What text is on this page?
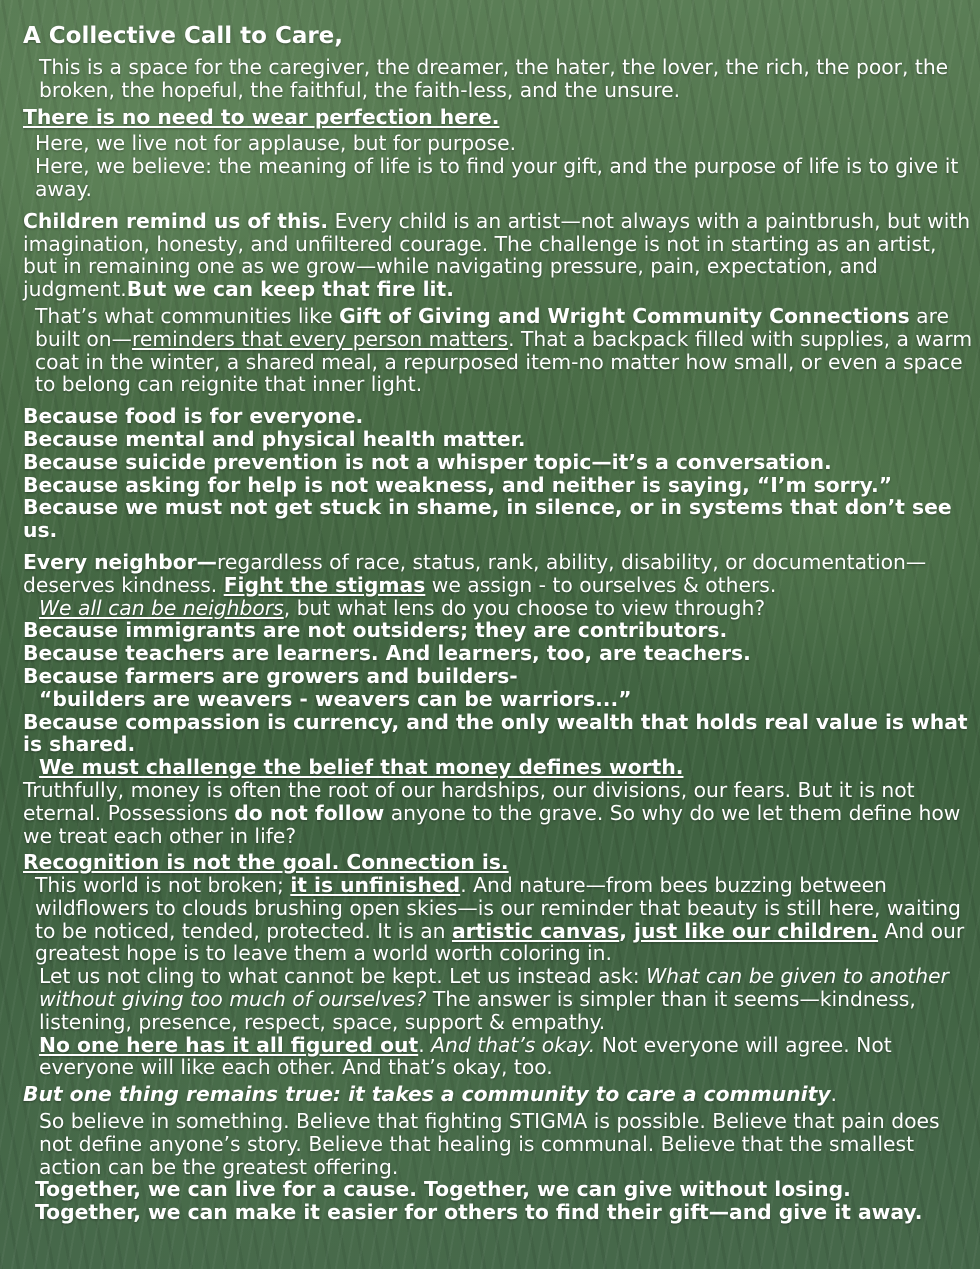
A Collective Call to Care,

This is a space for the caregiver, the dreamer, the hater, the lover, the rich, the poor, the broken, the hopeful, the faithful, the faith-less, and the unsure.

There is no need to wear perfection here.

Here, we live not for applause, but for purpose.

Here, we believe: the meaning of life is to find your gift, and the purpose of life is to give it away.

Children remind us of this. Every child is an artist—not always with a paintbrush, but with imagination, honesty, and unfiltered courage. The challenge is not in starting as an artist, but in remaining one as we grow—while navigating pressure, pain, expectation, and judgment.But we can keep that fire lit.

That’s what communities like Gift of Giving and Wright Community Connections are built on—reminders that every person matters. That a backpack filled with supplies, a warm coat in the winter, a shared meal, a repurposed item-no matter how small, or even a space to belong can reignite that inner light.

Because food is for everyone.

Because mental and physical health matter.

Because suicide prevention is not a whisper topic—it’s a conversation.

Because asking for help is not weakness, and neither is saying, “I’m sorry.”

Because we must not get stuck in shame, in silence, or in systems that don’t see us.

Every neighbor—regardless of race, status, rank, ability, disability, or documentation—deserves kindness. Fight the stigmas we assign - to ourselves & others.

We all can be neighbors, but what lens do you choose to view through?

Because immigrants are not outsiders; they are contributors.

Because teachers are learners. And learners, too, are teachers.

Because farmers are growers and builders-

“builders are weavers - weavers can be warriors...”

Because compassion is currency, and the only wealth that holds real value is what is shared.

We must challenge the belief that money defines worth.

Truthfully, money is often the root of our hardships, our divisions, our fears. But it is not eternal. Possessions do not follow anyone to the grave. So why do we let them define how we treat each other in life?

Recognition is not the goal. Connection is.

This world is not broken; it is unfinished. And nature—from bees buzzing between wildflowers to clouds brushing open skies—is our reminder that beauty is still here, waiting to be noticed, tended, protected. It is an artistic canvas, just like our children. And our greatest hope is to leave them a world worth coloring in.

Let us not cling to what cannot be kept. Let us instead ask: What can be given to another without giving too much of ourselves? The answer is simpler than it seems—kindness, listening, presence, respect, space, support & empathy.

No one here has it all figured out. And that’s okay. Not everyone will agree. Not everyone will like each other. And that’s okay, too.

But one thing remains true: it takes a community to care a community.

So believe in something. Believe that fighting STIGMA is possible. Believe that pain does not define anyone’s story. Believe that healing is communal. Believe that the smallest action can be the greatest offering.

Together, we can live for a cause. Together, we can give without losing.

Together, we can make it easier for others to find their gift—and give it away.
